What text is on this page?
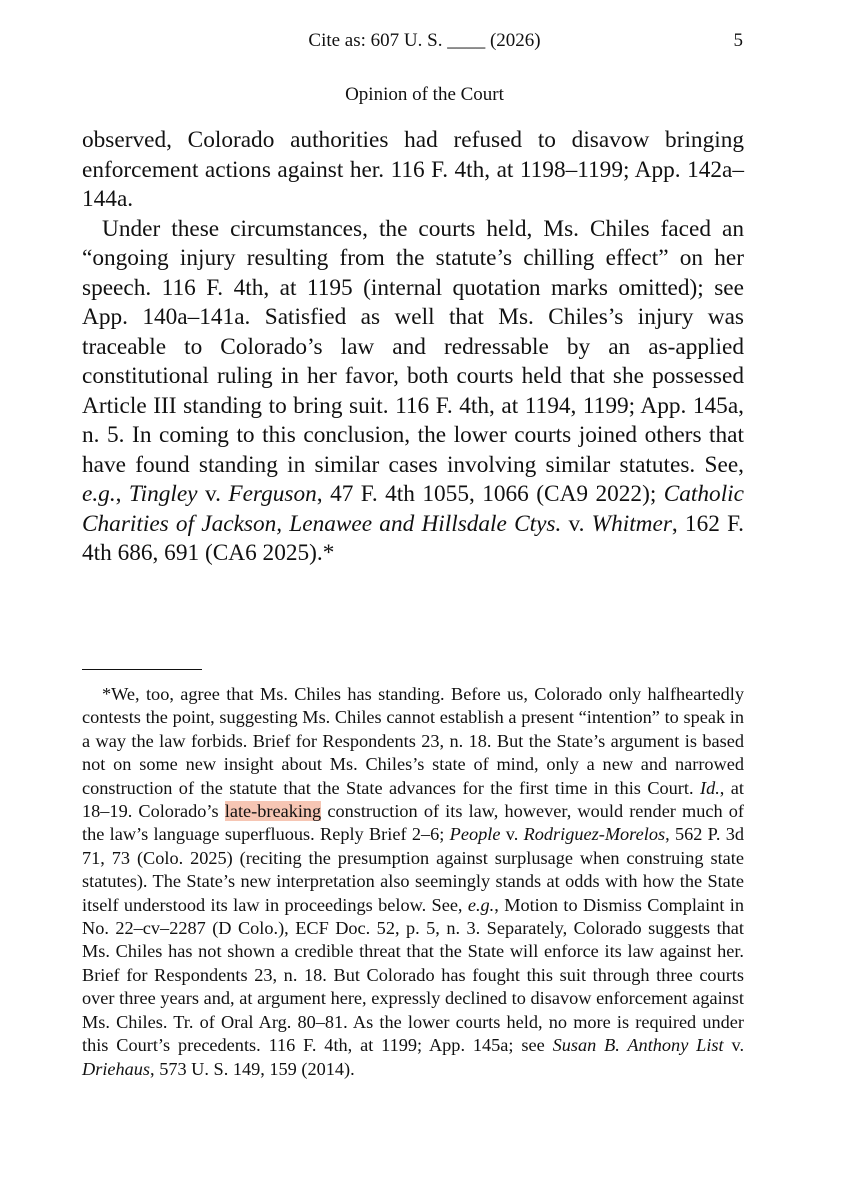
Cite as: 607 U. S. ____ (2026)	5
Opinion of the Court

observed, Colorado authorities had refused to disavow bringing enforcement actions against her. 116 F. 4th, at 1198–1199; App. 142a–144a.

Under these circumstances, the courts held, Ms. Chiles faced an “ongoing injury resulting from the statute’s chilling effect” on her speech. 116 F. 4th, at 1195 (internal quotation marks omitted); see App. 140a–141a. Satisfied as well that Ms. Chiles’s injury was traceable to Colorado’s law and redressable by an as-applied constitutional ruling in her favor, both courts held that she possessed Article III standing to bring suit. 116 F. 4th, at 1194, 1199; App. 145a, n. 5. In coming to this conclusion, the lower courts joined others that have found standing in similar cases involving similar statutes. See, e.g., Tingley v. Ferguson, 47 F. 4th 1055, 1066 (CA9 2022); Catholic Charities of Jackson, Lenawee and Hillsdale Ctys. v. Whitmer, 162 F. 4th 686, 691 (CA6 2025).*

*We, too, agree that Ms. Chiles has standing. Before us, Colorado only halfheartedly contests the point, suggesting Ms. Chiles cannot establish a present “intention” to speak in a way the law forbids. Brief for Respondents 23, n. 18. But the State’s argument is based not on some new insight about Ms. Chiles’s state of mind, only a new and narrowed construction of the statute that the State advances for the first time in this Court. Id., at 18–19. Colorado’s late-breaking construction of its law, however, would render much of the law’s language superfluous. Reply Brief 2–6; People v. Rodriguez-Morelos, 562 P. 3d 71, 73 (Colo. 2025) (reciting the presumption against surplusage when construing state statutes). The State’s new interpretation also seemingly stands at odds with how the State itself understood its law in proceedings below. See, e.g., Motion to Dismiss Complaint in No. 22–cv–2287 (D Colo.), ECF Doc. 52, p. 5, n. 3. Separately, Colorado suggests that Ms. Chiles has not shown a credible threat that the State will enforce its law against her. Brief for Respondents 23, n. 18. But Colorado has fought this suit through three courts over three years and, at argument here, expressly declined to disavow enforcement against Ms. Chiles. Tr. of Oral Arg. 80–81. As the lower courts held, no more is required under this Court’s precedents. 116 F. 4th, at 1199; App. 145a; see Susan B. Anthony List v. Driehaus, 573 U. S. 149, 159 (2014).
